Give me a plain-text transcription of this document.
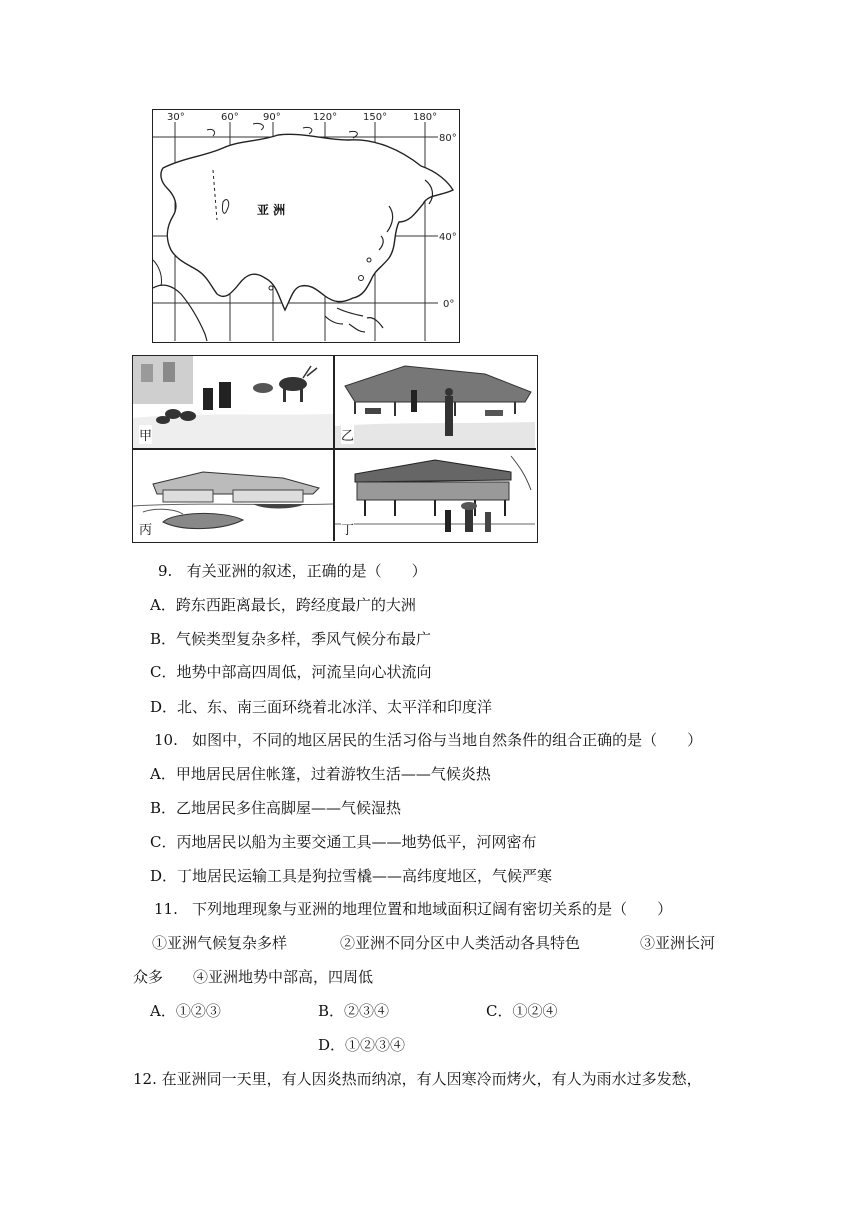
30°	60° 90°	120°	150°	180°
80°
40°
0°
亚 洲
甲	乙
丙	丁
9. 有关亚洲的叙述，正确的是（　　）
A．跨东西距离最长，跨经度最广的大洲
B．气候类型复杂多样，季风气候分布最广
C．地势中部高四周低，河流呈向心状流向
D．北、东、南三面环绕着北冰洋、太平洋和印度洋
10. 如图中，不同的地区居民的生活习俗与当地自然条件的组合正确的是（　　）
A．甲地居民居住帐篷，过着游牧生活——气候炎热
B．乙地居民多住高脚屋——气候湿热
C．丙地居民以船为主要交通工具——地势低平，河网密布
D．丁地居民运输工具是狗拉雪橇——高纬度地区，气候严寒
11. 下列地理现象与亚洲的地理位置和地域面积辽阔有密切关系的是（　　）
①亚洲气候复杂多样	②亚洲不同分区中人类活动各具特色	③亚洲长河
众多　　④亚洲地势中部高，四周低
A．①②③	B．②③④	C．①②④
D．①②③④
12. 在亚洲同一天里，有人因炎热而纳凉，有人因寒冷而烤火，有人为雨水过多发愁，
